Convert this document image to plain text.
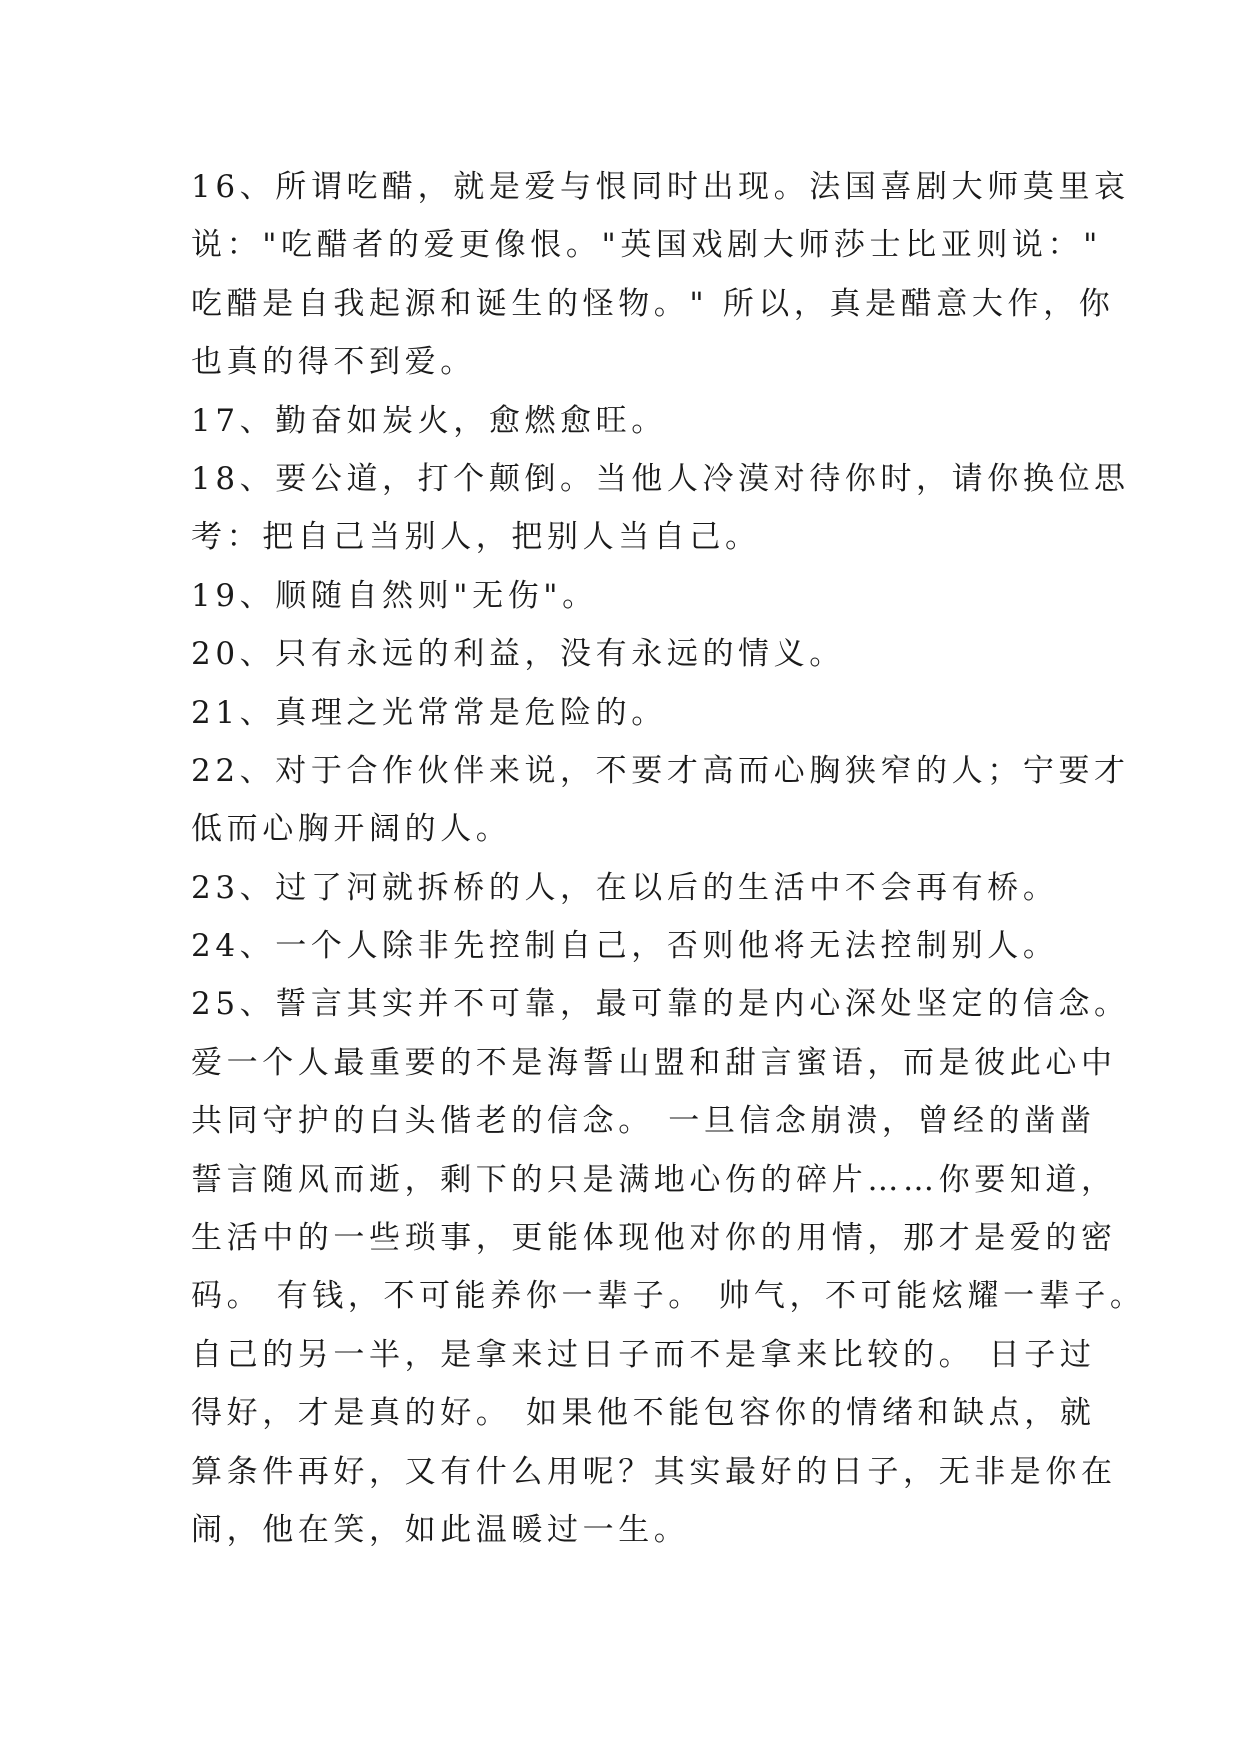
16、所谓吃醋，就是爱与恨同时出现。法国喜剧大师莫里哀
说："吃醋者的爱更像恨。"英国戏剧大师莎士比亚则说："
吃醋是自我起源和诞生的怪物。" 所以，真是醋意大作，你
也真的得不到爱。
17、勤奋如炭火，愈燃愈旺。
18、要公道，打个颠倒。当他人冷漠对待你时，请你换位思
考：把自己当别人，把别人当自己。
19、顺随自然则"无伤"。
20、只有永远的利益，没有永远的情义。
21、真理之光常常是危险的。
22、对于合作伙伴来说，不要才高而心胸狭窄的人；宁要才
低而心胸开阔的人。
23、过了河就拆桥的人，在以后的生活中不会再有桥。
24、一个人除非先控制自己，否则他将无法控制别人。
25、誓言其实并不可靠，最可靠的是内心深处坚定的信念。
爱一个人最重要的不是海誓山盟和甜言蜜语，而是彼此心中
共同守护的白头偕老的信念。 一旦信念崩溃，曾经的凿凿
誓言随风而逝，剩下的只是满地心伤的碎片……你要知道，
生活中的一些琐事，更能体现他对你的用情，那才是爱的密
码。 有钱，不可能养你一辈子。 帅气，不可能炫耀一辈子。
自己的另一半，是拿来过日子而不是拿来比较的。 日子过
得好，才是真的好。 如果他不能包容你的情绪和缺点，就
算条件再好，又有什么用呢？其实最好的日子，无非是你在
闹，他在笑，如此温暖过一生。
